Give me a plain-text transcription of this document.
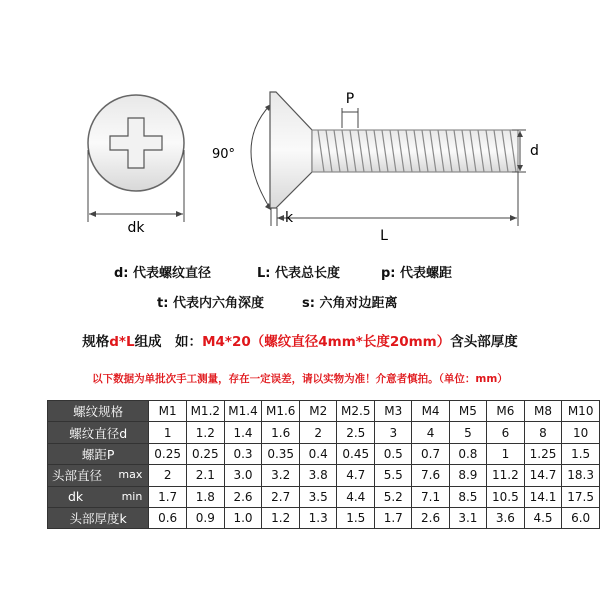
dk
90°
P
d
k
L
d: 代表螺纹直径	L: 代表总长度	p: 代表螺距
t: 代表内六角深度	s: 六角对边距离
规格d*L组成　如：M4*20（螺纹直径4mm*长度20mm）含头部厚度
以下数据为单批次手工测量，存在一定误差，请以实物为准！介意者慎拍。（单位：mm）
螺纹规格	M1	M1.2	M1.4	M1.6	M2	M2.5	M3	M4	M5	M6	M8	M10
螺纹直径d	1	1.2	1.4	1.6	2	2.5	3	4	5	6	8	10
螺距P	0.25	0.25	0.3	0.35	0.4	0.45	0.5	0.7	0.8	1	1.25	1.5
头部直径 max	2	2.1	3.0	3.2	3.8	4.7	5.5	7.6	8.9	11.2	14.7	18.3
dk min	1.7	1.8	2.6	2.7	3.5	4.4	5.2	7.1	8.5	10.5	14.1	17.5
头部厚度k	0.6	0.9	1.0	1.2	1.3	1.5	1.7	2.6	3.1	3.6	4.5	6.0
